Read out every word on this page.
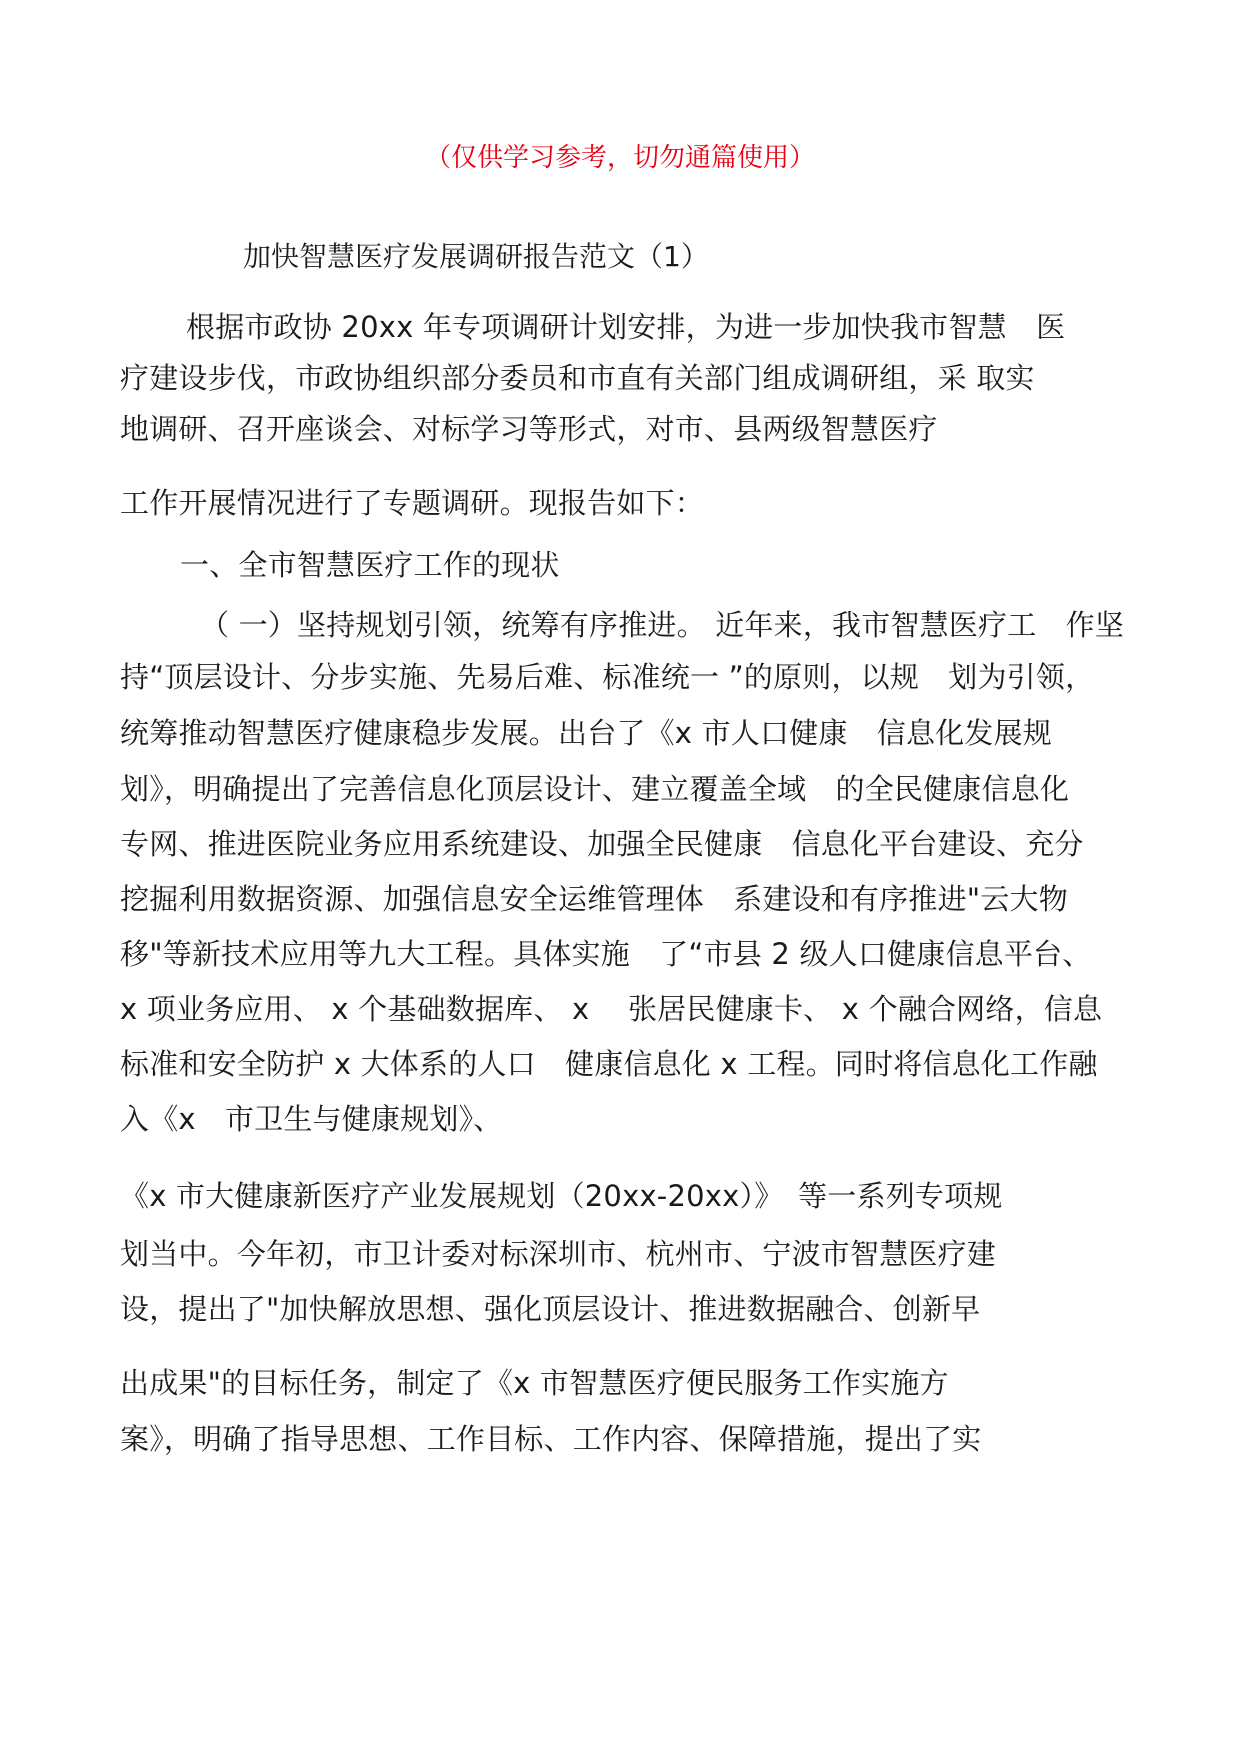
（仅供学习参考，切勿通篇使用）
加快智慧医疗发展调研报告范文（1）
根据市政协 20xx 年专项调研计划安排，为进一步加快我市智慧　医
疗建设步伐，市政协组织部分委员和市直有关部门组成调研组，采 取实
地调研、召开座谈会、对标学习等形式，对市、县两级智慧医疗
工作开展情况进行了专题调研。现报告如下：
一、全市智慧医疗工作的现状
（ 一）坚持规划引领，统筹有序推进。 近年来，我市智慧医疗工　作坚
持“顶层设计、分步实施、先易后难、标准统一 ”的原则，以规　划为引领，
统筹推动智慧医疗健康稳步发展。出台了《x 市人口健康　信息化发展规
划》，明确提出了完善信息化顶层设计、建立覆盖全域　的全民健康信息化
专网、推进医院业务应用系统建设、加强全民健康　信息化平台建设、充分
挖掘利用数据资源、加强信息安全运维管理体　系建设和有序推进"云大物
移"等新技术应用等九大工程。具体实施　了“市县 2 级人口健康信息平台、
x 项业务应用、 x 个基础数据库、 x　 张居民健康卡、 x 个融合网络，信息
标准和安全防护 x 大体系的人口　健康信息化 x 工程。同时将信息化工作融
入《x　市卫生与健康规划》、
《x 市大健康新医疗产业发展规划（20xx-20xx）》　等一系列专项规
划当中。今年初，市卫计委对标深圳市、杭州市、宁波市智慧医疗建
设，提出了"加快解放思想、强化顶层设计、推进数据融合、创新早
出成果"的目标任务，制定了《x 市智慧医疗便民服务工作实施方
案》，明确了指导思想、工作目标、工作内容、保障措施，提出了实
